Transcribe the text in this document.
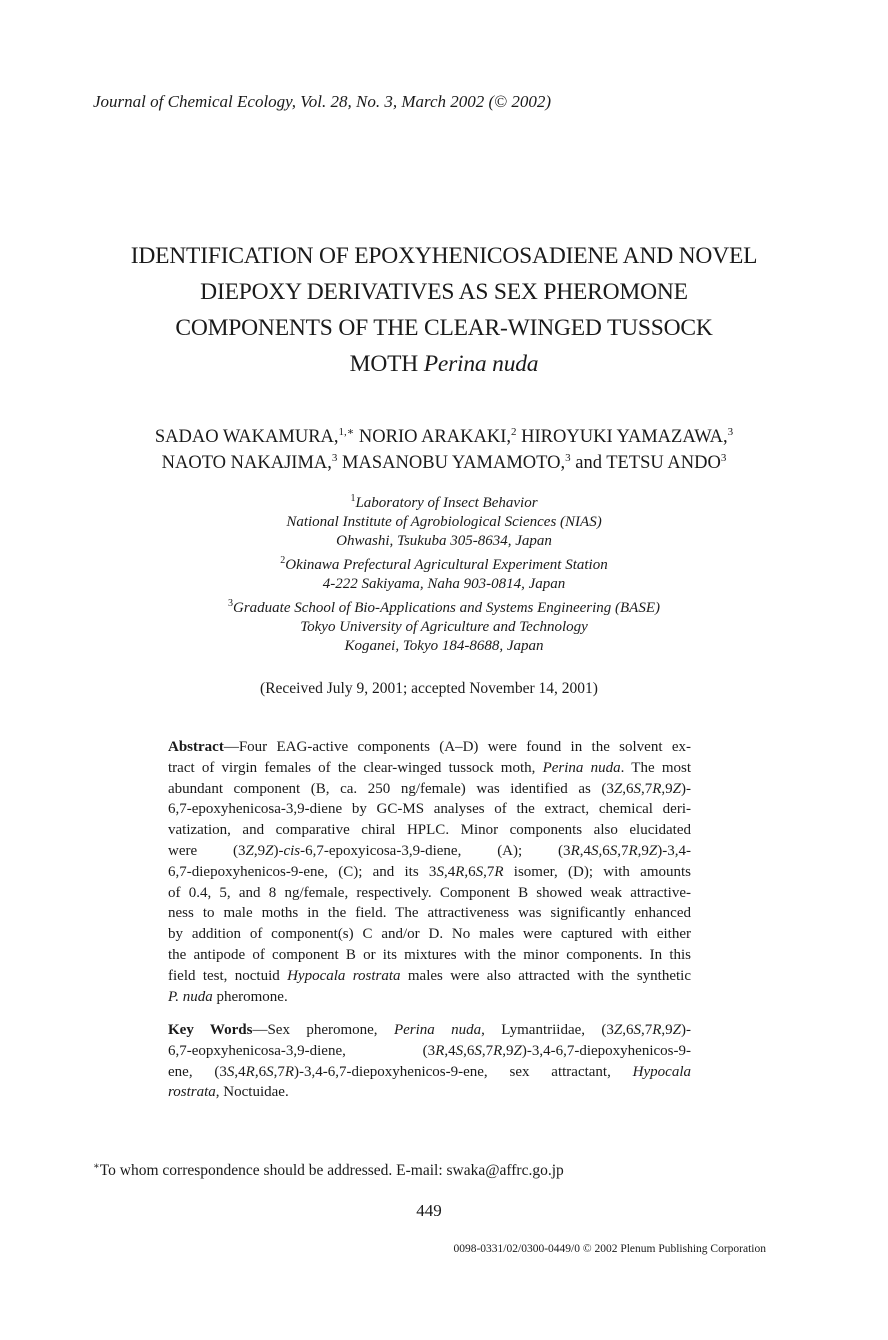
Journal of Chemical Ecology, Vol. 28, No. 3, March 2002 (© 2002)
IDENTIFICATION OF EPOXYHENICOSADIENE AND NOVEL
DIEPOXY DERIVATIVES AS SEX PHEROMONE
COMPONENTS OF THE CLEAR-WINGED TUSSOCK
MOTH Perina nuda
SADAO WAKAMURA,$^{1,∗}$ NORIO ARAKAKI,$^2$ HIROYUKI YAMAZAWA,$^3$
NAOTO NAKAJIMA,$^3$ MASANOBU YAMAMOTO,$^3$ and TETSU ANDO$^3$
$^1$Laboratory of Insect Behavior
National Institute of Agrobiological Sciences (NIAS)
Ohwashi, Tsukuba 305-8634, Japan
$^2$Okinawa Prefectural Agricultural Experiment Station
4-222 Sakiyama, Naha 903-0814, Japan
$^3$Graduate School of Bio-Applications and Systems Engineering (BASE)
Tokyo University of Agriculture and Technology
Koganei, Tokyo 184-8688, Japan
(Received July 9, 2001; accepted November 14, 2001)
Abstract—Four EAG-active components (A–D) were found in the solvent ex-
tract of virgin females of the clear-winged tussock moth, Perina nuda. The most
abundant component (B, ca. 250 ng/female) was identified as (3Z,6S,7R,9Z)-
6,7-epoxyhenicosa-3,9-diene by GC-MS analyses of the extract, chemical deri-
vatization, and comparative chiral HPLC. Minor components also elucidated
were (3Z,9Z)-cis-6,7-epoxyicosa-3,9-diene, (A); (3R,4S,6S,7R,9Z)-3,4-
6,7-diepoxyhenicos-9-ene, (C); and its 3S,4R,6S,7R isomer, (D); with amounts
of 0.4, 5, and 8 ng/female, respectively. Component B showed weak attractive-
ness to male moths in the field. The attractiveness was significantly enhanced
by addition of component(s) C and/or D. No males were captured with either
the antipode of component B or its mixtures with the minor components. In this
field test, noctuid Hypocala rostrata males were also attracted with the synthetic
P. nuda pheromone.
Key Words—Sex pheromone, Perina nuda, Lymantriidae, (3Z,6S,7R,9Z)-
6,7-eopxyhenicosa-3,9-diene, (3R,4S,6S,7R,9Z)-3,4-6,7-diepoxyhenicos-9-
ene, (3S,4R,6S,7R)-3,4-6,7-diepoxyhenicos-9-ene, sex attractant, Hypocala
rostrata, Noctuidae.
∗To whom correspondence should be addressed. E-mail: swaka@affrc.go.jp
449
0098-0331/02/0300-0449/0 © 2002 Plenum Publishing Corporation
